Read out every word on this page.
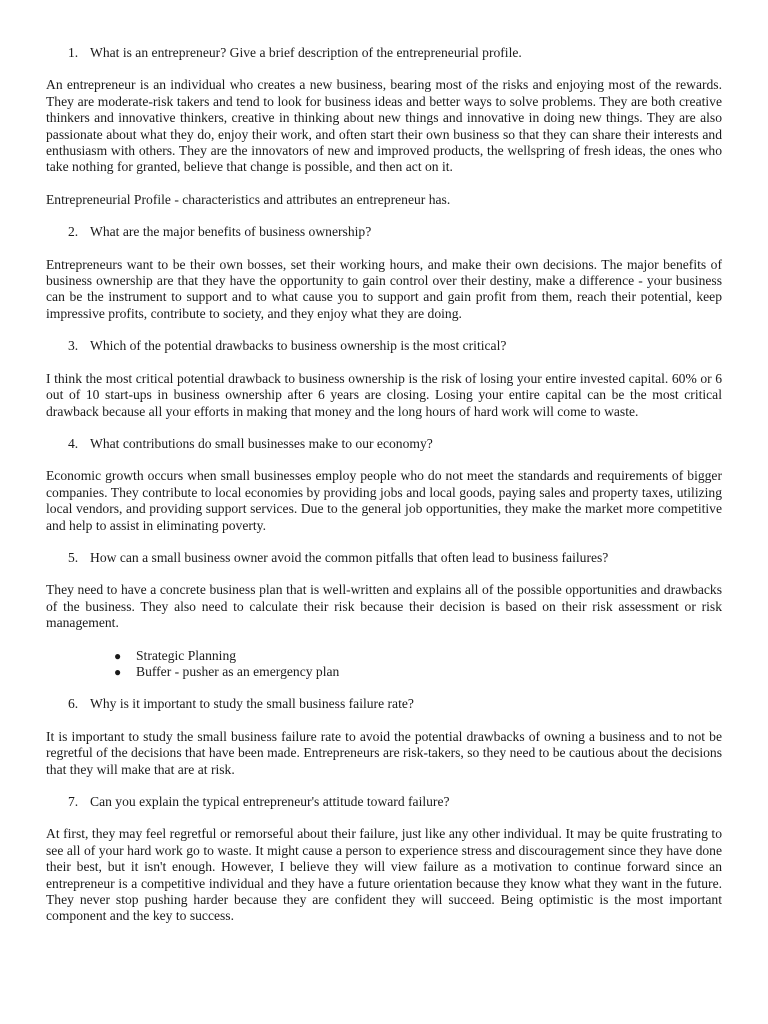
1. What is an entrepreneur? Give a brief description of the entrepreneurial profile.

An entrepreneur is an individual who creates a new business, bearing most of the risks and enjoying most of the rewards. They are moderate-risk takers and tend to look for business ideas and better ways to solve problems. They are both creative thinkers and innovative thinkers, creative in thinking about new things and innovative in doing new things. They are also passionate about what they do, enjoy their work, and often start their own business so that they can share their interests and enthusiasm with others. They are the innovators of new and improved products, the wellspring of fresh ideas, the ones who take nothing for granted, believe that change is possible, and then act on it.

Entrepreneurial Profile - characteristics and attributes an entrepreneur has.

2. What are the major benefits of business ownership?

Entrepreneurs want to be their own bosses, set their working hours, and make their own decisions. The major benefits of business ownership are that they have the opportunity to gain control over their destiny, make a difference - your business can be the instrument to support and to what cause you to support and gain profit from them, reach their potential, keep impressive profits, contribute to society, and they enjoy what they are doing.

3. Which of the potential drawbacks to business ownership is the most critical?

I think the most critical potential drawback to business ownership is the risk of losing your entire invested capital. 60% or 6 out of 10 start-ups in business ownership after 6 years are closing. Losing your entire capital can be the most critical drawback because all your efforts in making that money and the long hours of hard work will come to waste.

4. What contributions do small businesses make to our economy?

Economic growth occurs when small businesses employ people who do not meet the standards and requirements of bigger companies. They contribute to local economies by providing jobs and local goods, paying sales and property taxes, utilizing local vendors, and providing support services. Due to the general job opportunities, they make the market more competitive and help to assist in eliminating poverty.

5. How can a small business owner avoid the common pitfalls that often lead to business failures?

They need to have a concrete business plan that is well-written and explains all of the possible opportunities and drawbacks of the business. They also need to calculate their risk because their decision is based on their risk assessment or risk management.

●	Strategic Planning
●	Buffer - pusher as an emergency plan
6. Why is it important to study the small business failure rate?

It is important to study the small business failure rate to avoid the potential drawbacks of owning a business and to not be regretful of the decisions that have been made. Entrepreneurs are risk-takers, so they need to be cautious about the decisions that they will make that are at risk.

7. Can you explain the typical entrepreneur's attitude toward failure?

At first, they may feel regretful or remorseful about their failure, just like any other individual. It may be quite frustrating to see all of your hard work go to waste. It might cause a person to experience stress and discouragement since they have done their best, but it isn't enough. However, I believe they will view failure as a motivation to continue forward since an entrepreneur is a competitive individual and they have a future orientation because they know what they want in the future. They never stop pushing harder because they are confident they will succeed. Being optimistic is the most important component and the key to success.
